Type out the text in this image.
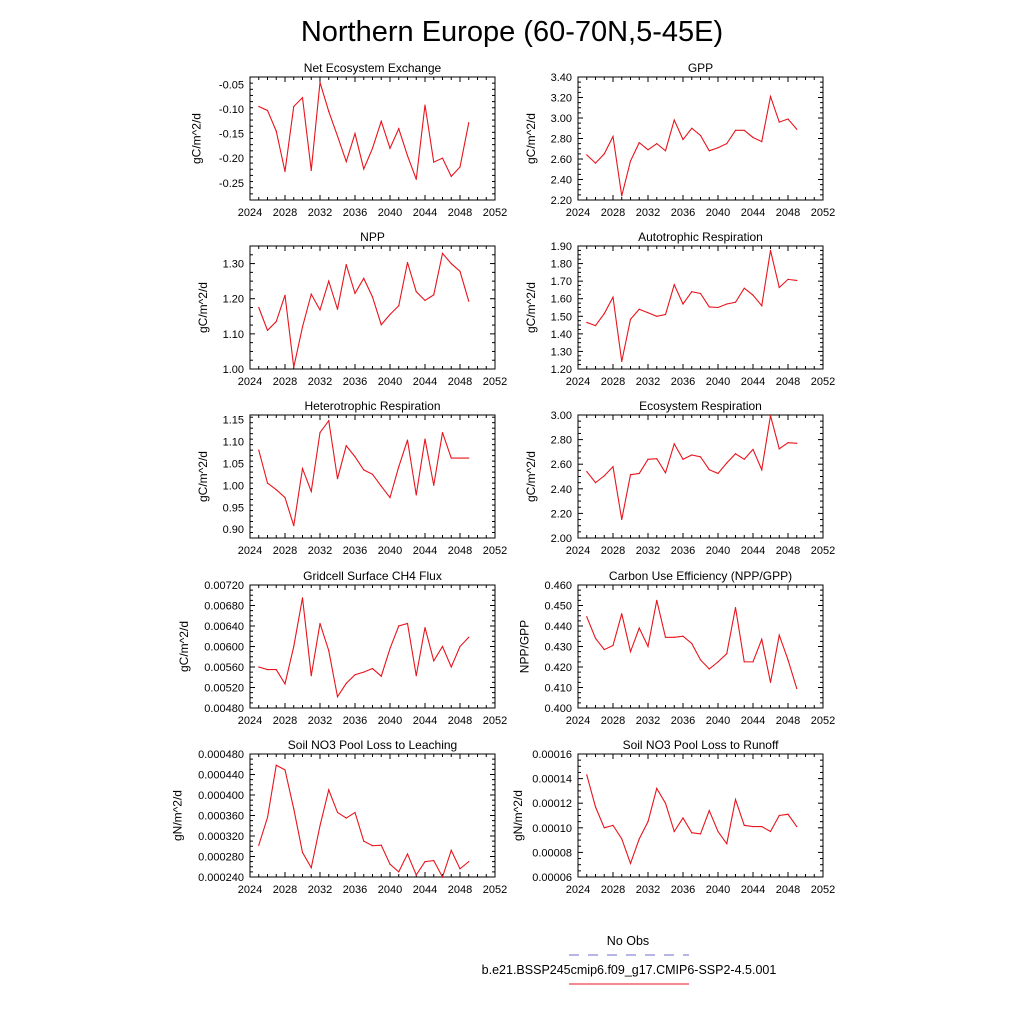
Northern Europe (60-70N,5-45E)
Net Ecosystem Exchange
2024 2028 2032 2036 2040 2044 2048 2052
-0.05
-0.10
-0.15
-0.20
-0.25
gC/m^2/d
GPP
2024 2028 2032 2036 2040 2044 2048 2052
2.20
2.40
2.60
2.80
3.00
3.20
3.40
gC/m^2/d
NPP
2024 2028 2032 2036 2040 2044 2048 2052
1.00
1.10
1.20
1.30
gC/m^2/d
Autotrophic Respiration
2024 2028 2032 2036 2040 2044 2048 2052
1.20
1.30
1.40
1.50
1.60
1.70
1.80
1.90
gC/m^2/d
Heterotrophic Respiration
2024 2028 2032 2036 2040 2044 2048 2052
0.90
0.95
1.00
1.05
1.10
1.15
gC/m^2/d
Ecosystem Respiration
2024 2028 2032 2036 2040 2044 2048 2052
2.00
2.20
2.40
2.60
2.80
3.00
gC/m^2/d
Gridcell Surface CH4 Flux
2024 2028 2032 2036 2040 2044 2048 2052
0.00480
0.00520
0.00560
0.00600
0.00640
0.00680
0.00720
gC/m^2/d
Carbon Use Efficiency (NPP/GPP)
2024 2028 2032 2036 2040 2044 2048 2052
0.400
0.410
0.420
0.430
0.440
0.450
0.460
NPP/GPP
Soil NO3 Pool Loss to Leaching
2024 2028 2032 2036 2040 2044 2048 2052
0.000240
0.000280
0.000320
0.000360
0.000400
0.000440
0.000480
gN/m^2/d
Soil NO3 Pool Loss to Runoff
2024 2028 2032 2036 2040 2044 2048 2052
0.00006
0.00008
0.00010
0.00012
0.00014
0.00016
gN/m^2/d
No Obs
b.e21.BSSP245cmip6.f09_g17.CMIP6-SSP2-4.5.001
